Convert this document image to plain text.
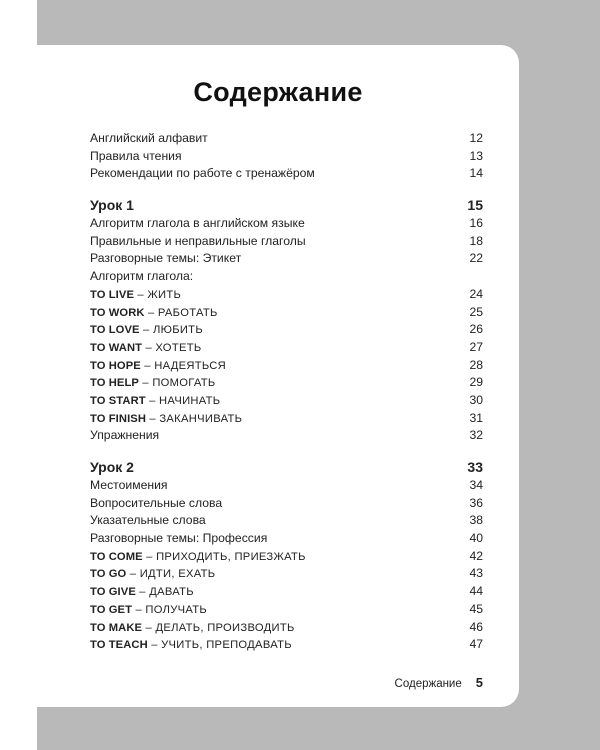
Содержание
Английский алфавит	12
Правила чтения	13
Рекомендации по работе с тренажёром	14
Урок 1	15
Алгоритм глагола в английском языке	16
Правильные и неправильные глаголы	18
Разговорные темы: Этикет	22
Алгоритм глагола:
TO LIVE – ЖИТЬ	24
TO WORK – РАБОТАТЬ	25
TO LOVE – ЛЮБИТЬ	26
TO WANT – ХОТЕТЬ	27
TO HOPE – НАДЕЯТЬСЯ	28
TO HELP – ПОМОГАТЬ	29
TO START – НАЧИНАТЬ	30
TO FINISH – ЗАКАНЧИВАТЬ	31
Упражнения	32
Урок 2	33
Местоимения	34
Вопросительные слова	36
Указательные слова	38
Разговорные темы: Профессия	40
TO COME – ПРИХОДИТЬ, ПРИЕЗЖАТЬ	42
TO GO – ИДТИ, ЕХАТЬ	43
TO GIVE – ДАВАТЬ	44
TO GET – ПОЛУЧАТЬ	45
TO MAKE – ДЕЛАТЬ, ПРОИЗВОДИТЬ	46
TO TEACH – УЧИТЬ, ПРЕПОДАВАТЬ	47
Содержание 5
